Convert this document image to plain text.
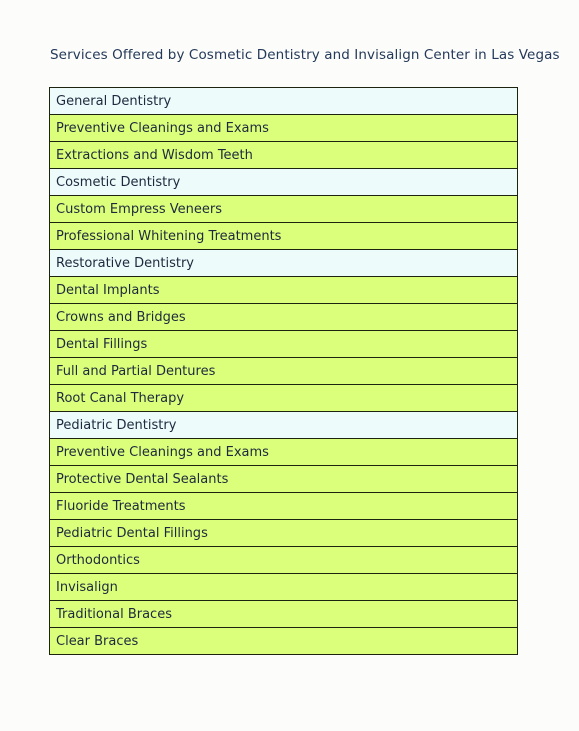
Services Offered by Cosmetic Dentistry and Invisalign Center in Las Vegas
General Dentistry
Preventive Cleanings and Exams
Extractions and Wisdom Teeth
Cosmetic Dentistry
Custom Empress Veneers
Professional Whitening Treatments
Restorative Dentistry
Dental Implants
Crowns and Bridges
Dental Fillings
Full and Partial Dentures
Root Canal Therapy
Pediatric Dentistry
Preventive Cleanings and Exams
Protective Dental Sealants
Fluoride Treatments
Pediatric Dental Fillings
Orthodontics
Invisalign
Traditional Braces
Clear Braces
